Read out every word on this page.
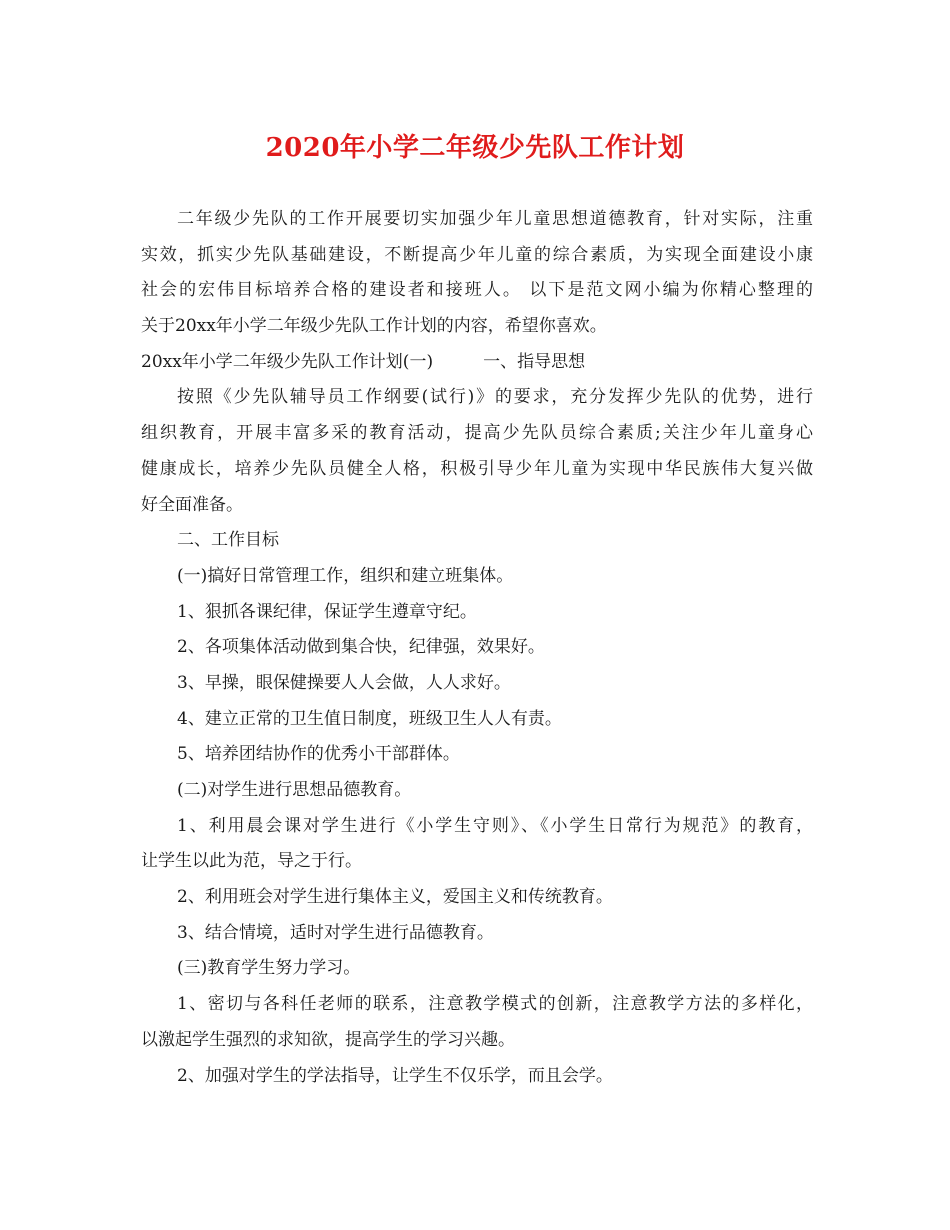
2020年小学二年级少先队工作计划
二年级少先队的工作开展要切实加强少年儿童思想道德教育，针对实际，注重
实效，抓实少先队基础建设，不断提高少年儿童的综合素质，为实现全面建设小康
社会的宏伟目标培养合格的建设者和接班人。 以下是范文网小编为你精心整理的
关于20xx年小学二年级少先队工作计划的内容，希望你喜欢。
20xx年小学二年级少先队工作计划(一)	一、指导思想
按照《少先队辅导员工作纲要(试行)》的要求，充分发挥少先队的优势，进行
组织教育，开展丰富多采的教育活动，提高少先队员综合素质;关注少年儿童身心
健康成长，培养少先队员健全人格，积极引导少年儿童为实现中华民族伟大复兴做
好全面准备。
二、工作目标
(一)搞好日常管理工作，组织和建立班集体。
1、狠抓各课纪律，保证学生遵章守纪。
2、各项集体活动做到集合快，纪律强，效果好。
3、早操，眼保健操要人人会做，人人求好。
4、建立正常的卫生值日制度，班级卫生人人有责。
5、培养团结协作的优秀小干部群体。
(二)对学生进行思想品德教育。
1、利用晨会课对学生进行《小学生守则》、《小学生日常行为规范》的教育，
让学生以此为范，导之于行。
2、利用班会对学生进行集体主义，爱国主义和传统教育。
3、结合情境，适时对学生进行品德教育。
(三)教育学生努力学习。
1、密切与各科任老师的联系，注意教学模式的创新，注意教学方法的多样化，
以激起学生强烈的求知欲，提高学生的学习兴趣。
2、加强对学生的学法指导，让学生不仅乐学，而且会学。
